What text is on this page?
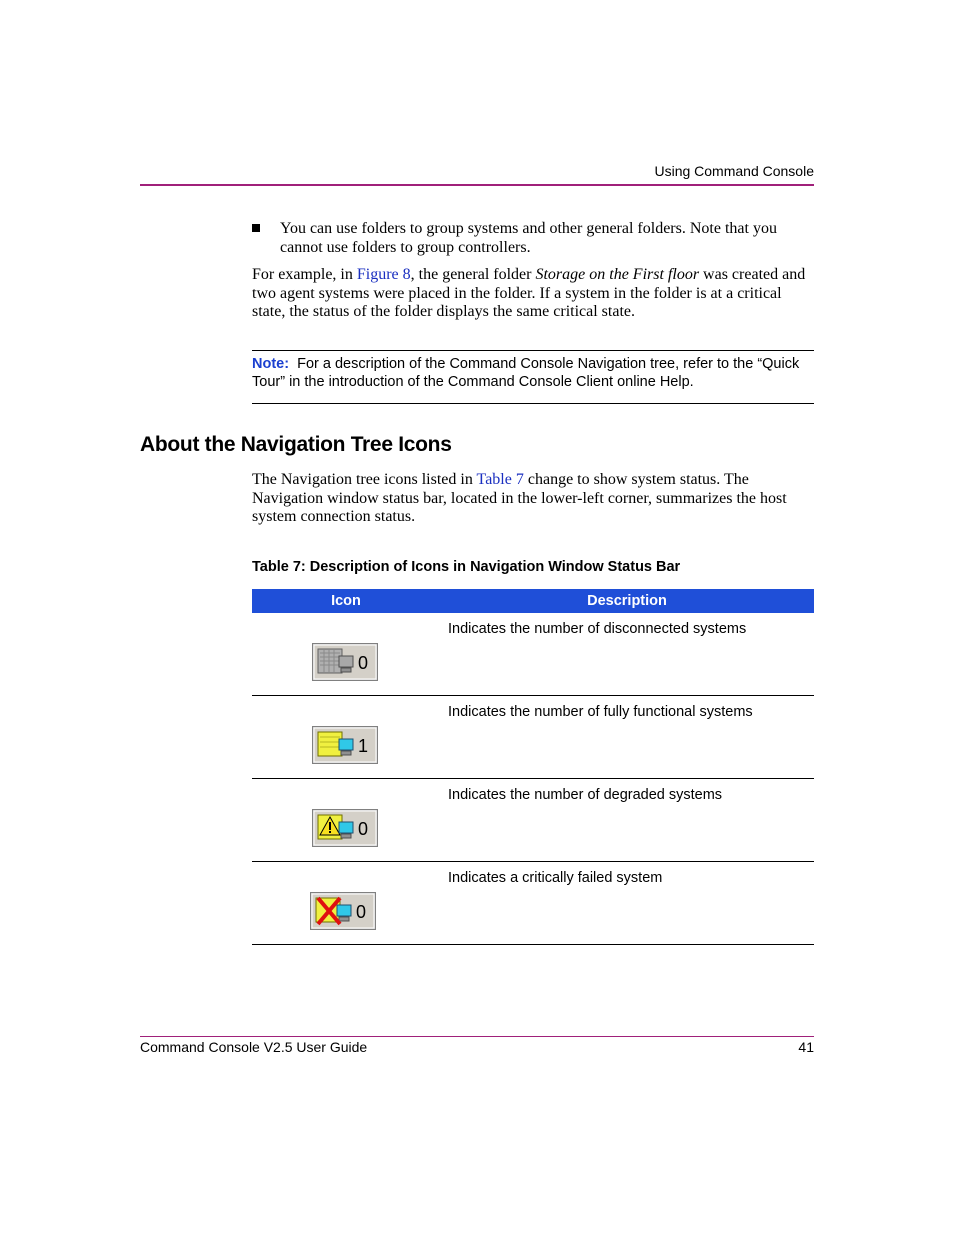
Using Command Console
You can use folders to group systems and other general folders. Note that you cannot use folders to group controllers.
For example, in Figure 8, the general folder Storage on the First floor was created and two agent systems were placed in the folder. If a system in the folder is at a critical state, the status of the folder displays the same critical state.
Note: For a description of the Command Console Navigation tree, refer to the “Quick Tour” in the introduction of the Command Console Client online Help.
About the Navigation Tree Icons
The Navigation tree icons listed in Table 7 change to show system status. The Navigation window status bar, located in the lower-left corner, summarizes the host system connection status.
Table 7: Description of Icons in Navigation Window Status Bar
Icon	Description
0
Indicates the number of disconnected systems
1
Indicates the number of fully functional systems
0
Indicates the number of degraded systems
0
Indicates a critically failed system
Command Console V2.5 User Guide	41
